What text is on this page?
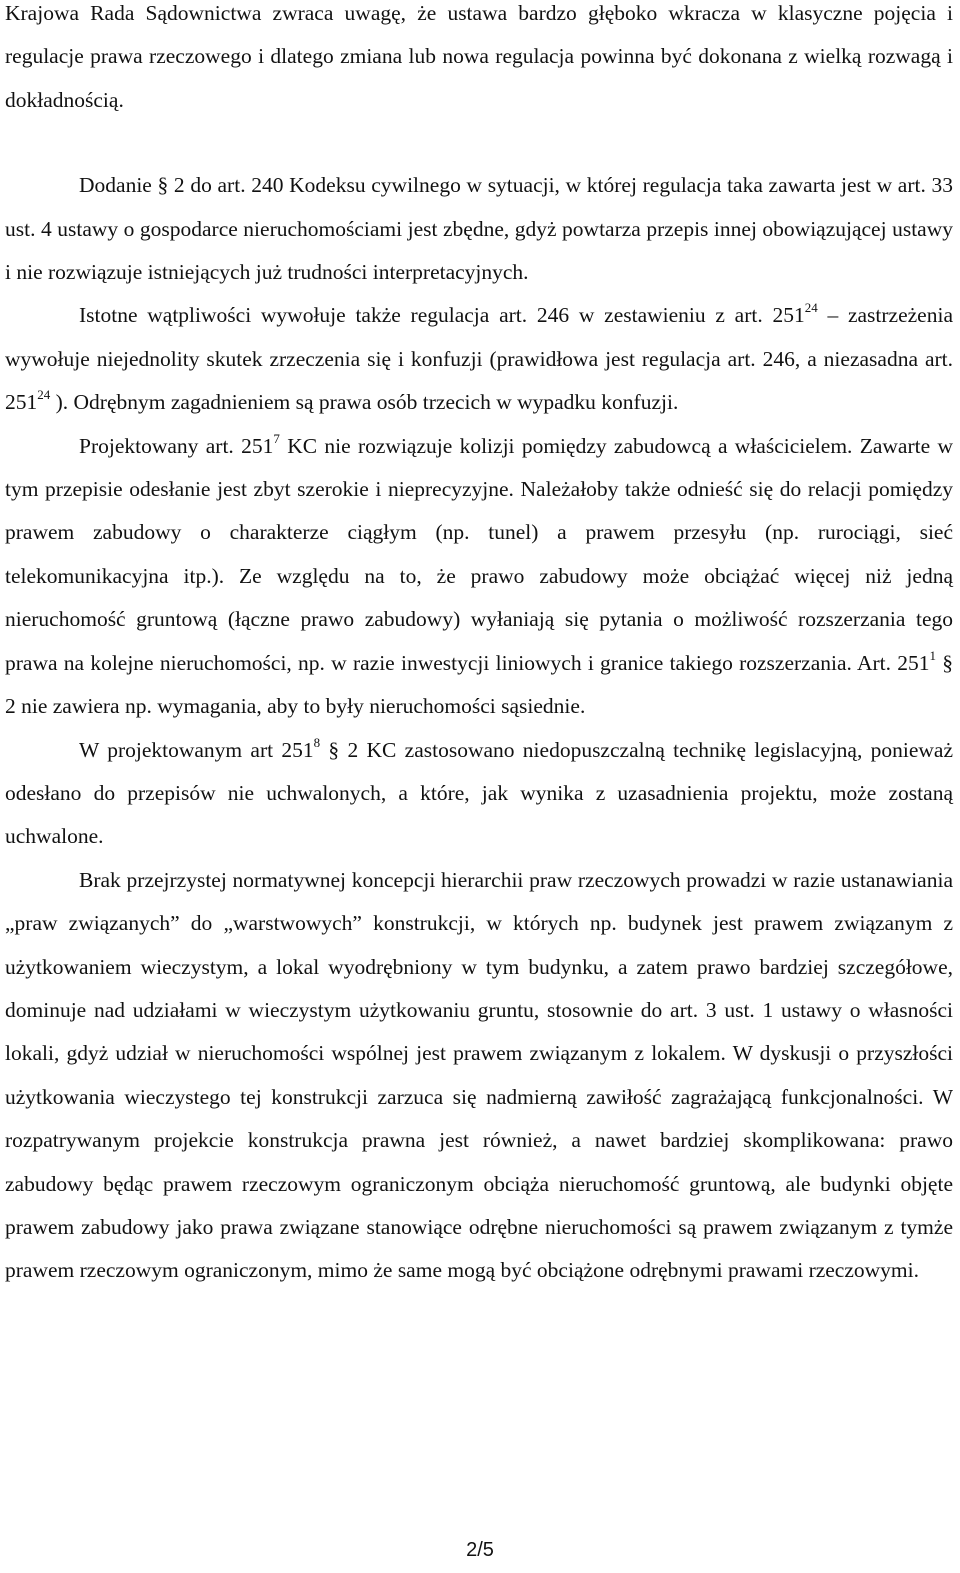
Krajowa Rada Sądownictwa zwraca uwagę, że ustawa bardzo głęboko wkracza w klasyczne pojęcia i regulacje prawa rzeczowego i dlatego zmiana lub nowa regulacja powinna być dokonana z wielką rozwagą i dokładnością.

Dodanie § 2 do art. 240 Kodeksu cywilnego w sytuacji, w której regulacja taka zawarta jest w art. 33 ust. 4 ustawy o gospodarce nieruchomościami jest zbędne, gdyż powtarza przepis innej obowiązującej ustawy i nie rozwiązuje istniejących już trudności interpretacyjnych.

Istotne wątpliwości wywołuje także regulacja art. 246 w zestawieniu z art. $251^{24}$ – zastrzeżenia wywołuje niejednolity skutek zrzeczenia się i konfuzji (prawidłowa jest regulacja art. 246, a niezasadna art. $251^{24}$ ). Odrębnym zagadnieniem są prawa osób trzecich w wypadku konfuzji.

Projektowany art. $251^7$ KC nie rozwiązuje kolizji pomiędzy zabudowcą a właścicielem. Zawarte w tym przepisie odesłanie jest zbyt szerokie i nieprecyzyjne. Należałoby także odnieść się do relacji pomiędzy prawem zabudowy o charakterze ciągłym (np. tunel) a prawem przesyłu (np. rurociągi, sieć telekomunikacyjna itp.). Ze względu na to, że prawo zabudowy może obciążać więcej niż jedną nieruchomość gruntową (łączne prawo zabudowy) wyłaniają się pytania o możliwość rozszerzania tego prawa na kolejne nieruchomości, np. w razie inwestycji liniowych i granice takiego rozszerzania. Art. $251^1$ § 2 nie zawiera np. wymagania, aby to były nieruchomości sąsiednie.

W projektowanym art $251^8$ § 2 KC zastosowano niedopuszczalną technikę legislacyjną, ponieważ odesłano do przepisów nie uchwalonych, a które, jak wynika z uzasadnienia projektu, może zostaną uchwalone.

Brak przejrzystej normatywnej koncepcji hierarchii praw rzeczowych prowadzi w razie ustanawiania „praw związanych” do „warstwowych” konstrukcji, w których np. budynek jest prawem związanym z użytkowaniem wieczystym, a lokal wyodrębniony w tym budynku, a zatem prawo bardziej szczegółowe, dominuje nad udziałami w wieczystym użytkowaniu gruntu, stosownie do art. 3 ust. 1 ustawy o własności lokali, gdyż udział w nieruchomości wspólnej jest prawem związanym z lokalem. W dyskusji o przyszłości użytkowania wieczystego tej konstrukcji zarzuca się nadmierną zawiłość zagrażającą funkcjonalności. W rozpatrywanym projekcie konstrukcja prawna jest również, a nawet bardziej skomplikowana: prawo zabudowy będąc prawem rzeczowym ograniczonym obciąża nieruchomość gruntową, ale budynki objęte prawem zabudowy jako prawa związane stanowiące odrębne nieruchomości są prawem związanym z tymże prawem rzeczowym ograniczonym, mimo że same mogą być obciążone odrębnymi prawami rzeczowymi.

2/5
